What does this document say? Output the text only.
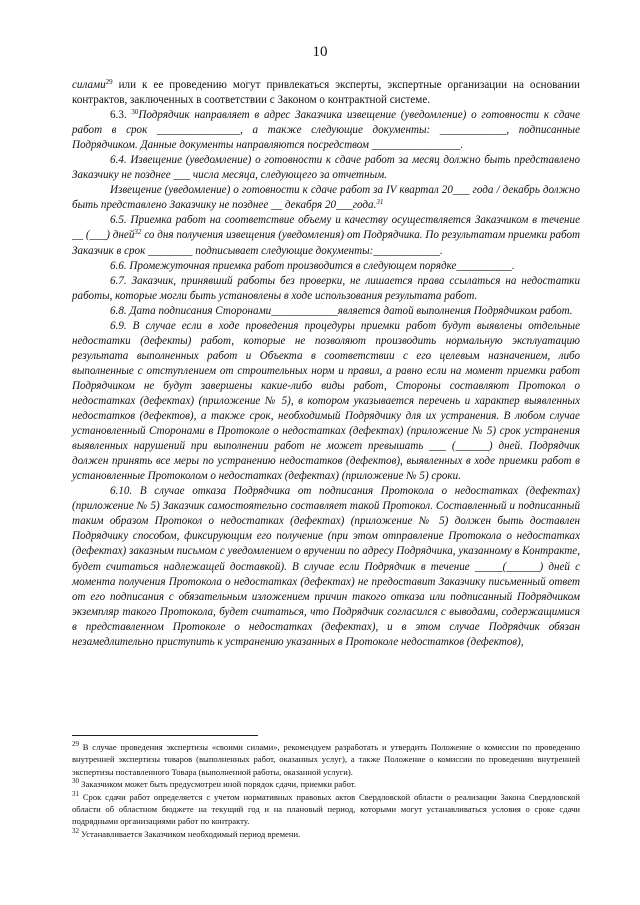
10

силами$^{29}$ или к ее проведению могут привлекаться эксперты, экспертные организации на основании контрактов, заключенных в соответствии с Законом о контрактной системе.

6.3. $^{30}$Подрядчик направляет в адрес Заказчика извещение (уведомление) о готовности к сдаче работ в срок _______________, а также следующие документы: ____________, подписанные Подрядчиком. Данные документы направляются посредством ________________.

6.4. Извещение (уведомление) о готовности к сдаче работ за месяц должно быть представлено Заказчику не позднее ___ числа месяца, следующего за отчетным.

Извещение (уведомление) о готовности к сдаче работ за IV квартал 20___ года / декабрь должно быть представлено Заказчику не позднее __ декабря 20___года.$^{31}$

6.5. Приемка работ на соответствие объему и качеству осуществляется Заказчиком в течение __ (___) дней$^{32}$ со дня получения извещения (уведомления) от Подрядчика. По результатам приемки работ Заказчик в срок ________ подписывает следующие документы:____________.

6.6. Промежуточная приемка работ производится в следующем порядке__________.

6.7. Заказчик, принявший работы без проверки, не лишается права ссылаться на недостатки работы, которые могли быть установлены в ходе использования результата работ.

6.8. Дата подписания Сторонами____________является датой выполнения Подрядчиком работ.

6.9. В случае если в ходе проведения процедуры приемки работ будут выявлены отдельные недостатки (дефекты) работ, которые не позволяют производить нормальную эксплуатацию результата выполненных работ и Объекта в соответствии с его целевым назначением, либо выполненные с отступлением от строительных норм и правил, а равно если на момент приемки работ Подрядчиком не будут завершены какие-либо виды работ, Стороны составляют Протокол о недостатках (дефектах) (приложение № 5), в котором указывается перечень и характер выявленных недостатков (дефектов), а также срок, необходимый Подрядчику для их устранения. В любом случае установленный Сторонами в Протоколе о недостатках (дефектах) (приложение № 5) срок устранения выявленных нарушений при выполнении работ не может превышать ___ (______) дней. Подрядчик должен принять все меры по устранению недостатков (дефектов), выявленных в ходе приемки работ в установленные Протоколом о недостатках (дефектах) (приложение № 5) сроки.

6.10. В случае отказа Подрядчика от подписания Протокола о недостатках (дефектах) (приложение № 5) Заказчик самостоятельно составляет такой Протокол. Составленный и подписанный таким образом Протокол о недостатках (дефектах) (приложение № 5) должен быть доставлен Подрядчику способом, фиксирующим его получение (при этом отправление Протокола о недостатках (дефектах) заказным письмом с уведомлением о вручении по адресу Подрядчика, указанному в Контракте, будет считаться надлежащей доставкой). В случае если Подрядчик в течение _____(______) дней с момента получения Протокола о недостатках (дефектах) не предоставит Заказчику письменный ответ от его подписания с обязательным изложением причин такого отказа или подписанный Подрядчиком экземпляр такого Протокола, будет считаться, что Подрядчик согласился с выводами, содержащимися в представленном Протоколе о недостатках (дефектах), и в этом случае Подрядчик обязан незамедлительно приступить к устранению указанных в Протоколе недостатков (дефектов),

$^{29}$ В случае проведения экспертизы «своими силами», рекомендуем разработать и утвердить Положение о комиссии по проведению внутренней экспертизы товаров (выполненных работ, оказанных услуг), а также Положение о комиссии по проведению внутренней экспертизы поставленного Товара (выполненной работы, оказанной услуги).

$^{30}$ Заказчиком может быть предусмотрен иной порядок сдачи, приемки работ.

$^{31}$ Срок сдачи работ определяется с учетом нормативных правовых актов Свердловской области о реализации Закона Свердловской области об областном бюджете на текущий год и на плановый период, которыми могут устанавливаться условия о сроке сдачи подрядными организациями работ по контракту.

$^{32}$ Устанавливается Заказчиком необходимый период времени.
